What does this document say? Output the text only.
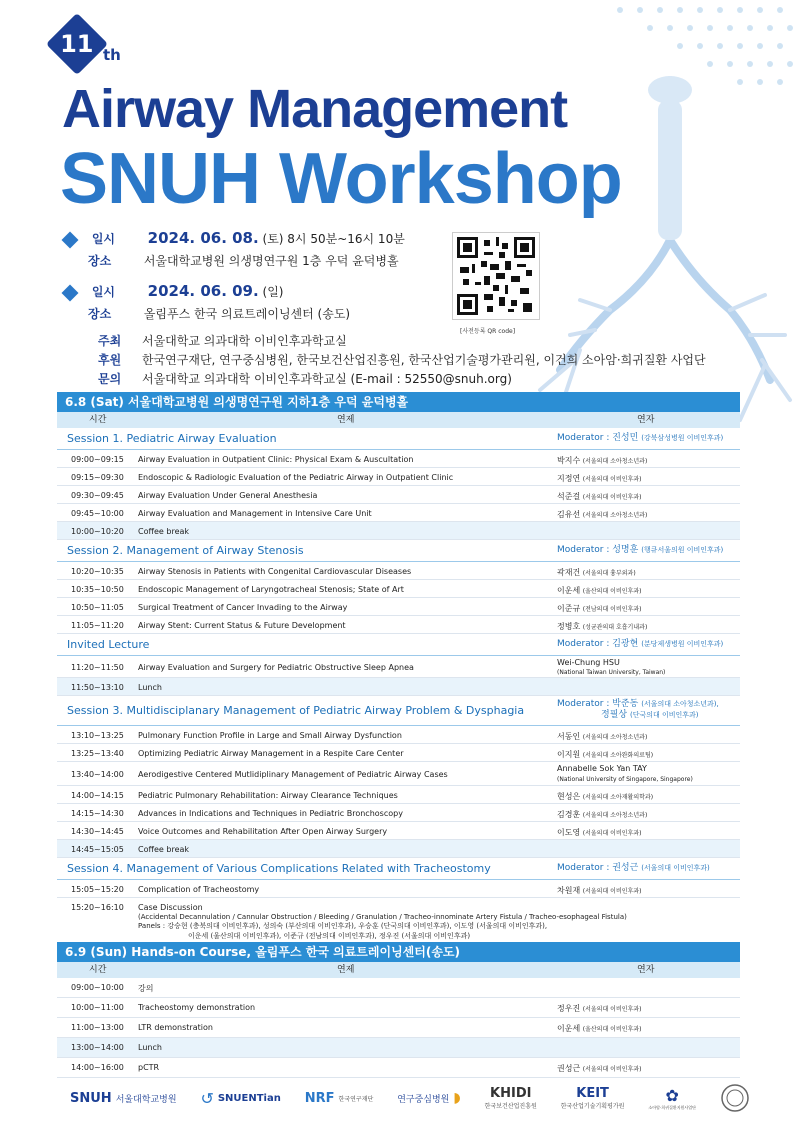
11 th
Airway Management
SNUH Workshop
일시 2024. 06. 08. (토) 8시 50분~16시 10분
장소	서울대학교병원 의생명연구원 1층 우덕 윤덕병홀
일시 2024. 06. 09. (일)
장소	올림푸스 한국 의료트레이닝센터 (송도)
[사전등록 QR code]
주최 서울대학교 의과대학 이비인후과학교실
후원 한국연구재단, 연구중심병원, 한국보건산업진흥원, 한국산업기술평가관리원, 이건희 소아암·희귀질환 사업단
문의 서울대학교 의과대학 이비인후과학교실 (E-mail : 52550@snuh.org)
6.8 (Sat) 서울대학교병원 의생명연구원 지하1층 우덕 윤덕병홀
시간	연제	연자
Session 1. Pediatric Airway Evaluation	Moderator : 진성민 (강북삼성병원 이비인후과)
09:00~09:15 Airway Evaluation in Outpatient Clinic: Physical Exam & Auscultation	박지수 (서울의대 소아청소년과)
09:15~09:30 Endoscopic & Radiologic Evaluation of the Pediatric Airway in Outpatient Clinic	지정연 (서울의대 이비인후과)
09:30~09:45 Airway Evaluation Under General Anesthesia	석준걸 (서울의대 이비인후과)
09:45~10:00 Airway Evaluation and Management in Intensive Care Unit	김유선 (서울의대 소아청소년과)
10:00~10:20 Coffee break
Session 2. Management of Airway Stenosis	Moderator : 성명훈 (행큐서울의원 이비인후과)
10:20~10:35 Airway Stenosis in Patients with Congenital Cardiovascular Diseases	곽재건 (서울의대 흉부외과)
10:35~10:50 Endoscopic Management of Laryngotracheal Stenosis; State of Art	이운세 (울산의대 이비인후과)
10:50~11:05 Surgical Treatment of Cancer Invading to the Airway	이준규 (전남의대 이비인후과)
11:05~11:20 Airway Stent: Current Status & Future Development	정병호 (성균관의대 호흡기내과)
Invited Lecture	Moderator : 김광현 (분당제생병원 이비인후과)
11:20~11:50 Airway Evaluation and Surgery for Pediatric Obstructive Sleep Apnea
Wei-Chung HSU
(National Taiwan University, Taiwan)
11:50~13:10 Lunch
Session 3. Multidisciplanary Management of Pediatric Airway Problem & Dysphagia	Moderator : 박준동 (서울의대 소아청소년과),
정필상 (단국의대 이비인후과)
13:10~13:25 Pulmonary Function Profile in Large and Small Airway Dysfunction	서동인 (서울의대 소아청소년과)
13:25~13:40 Optimizing Pediatric Airway Management in a Respite Care Center	이지원 (서울의대 소아완화의료팀)
13:40~14:00 Aerodigestive Centered Mutlidiplinary Management of Pediatric Airway Cases
Annabelle Sok Yan TAY
(National University of Singapore, Singapore)
14:00~14:15 Pediatric Pulmonary Rehabilitation: Airway Clearance Techniques	현성은 (서울의대 소아재활의학과)
14:15~14:30 Advances in Indications and Techniques in Pediatric Bronchoscopy	김경훈 (서울의대 소아청소년과)
14:30~14:45 Voice Outcomes and Rehabilitation After Open Airway Surgery	이도영 (서울의대 이비인후과)
14:45~15:05 Coffee break
Session 4. Management of Various Complications Related with Tracheostomy	Moderator : 권성근 (서울의대 이비인후과)
15:05~15:20 Complication of Tracheostomy	차원재 (서울의대 이비인후과)
15:20~16:10 Case Discussion
(Accidental Decannulation / Cannular Obstruction / Bleeding / Granulation / Tracheo-innominate Artery Fistula / Tracheo-esophageal Fistula)
Panels : 강승현 (충북의대 이비인후과), 성의숙 (부산의대 이비인후과), 우승훈 (단국의대 이비인후과), 이도영 (서울의대 이비인후과),
이운세 (울산의대 이비인후과), 이준규 (전남의대 이비인후과), 정우진 (서울의대 이비인후과)
6.9 (Sun) Hands-on Course, 올림푸스 한국 의료트레이닝센터(송도)
시간	연제	연자
09:00~10:00 강의
10:00~11:00 Tracheostomy demonstration	정우진 (서울의대 이비인후과)
11:00~13:00 LTR demonstration	이운세 (울산의대 이비인후과)
13:00~14:00 Lunch
14:00~16:00 pCTR	권성근 (서울의대 이비인후과)
SNUH 서울대학교병원 ↺ SNUENTian NRF 한국연구재단	연구중심병원 ◗ KHIDI
한국보건산업진흥원
KEIT
한국산업기술기획평가원
✿
소아암·희귀질환지원사업단
